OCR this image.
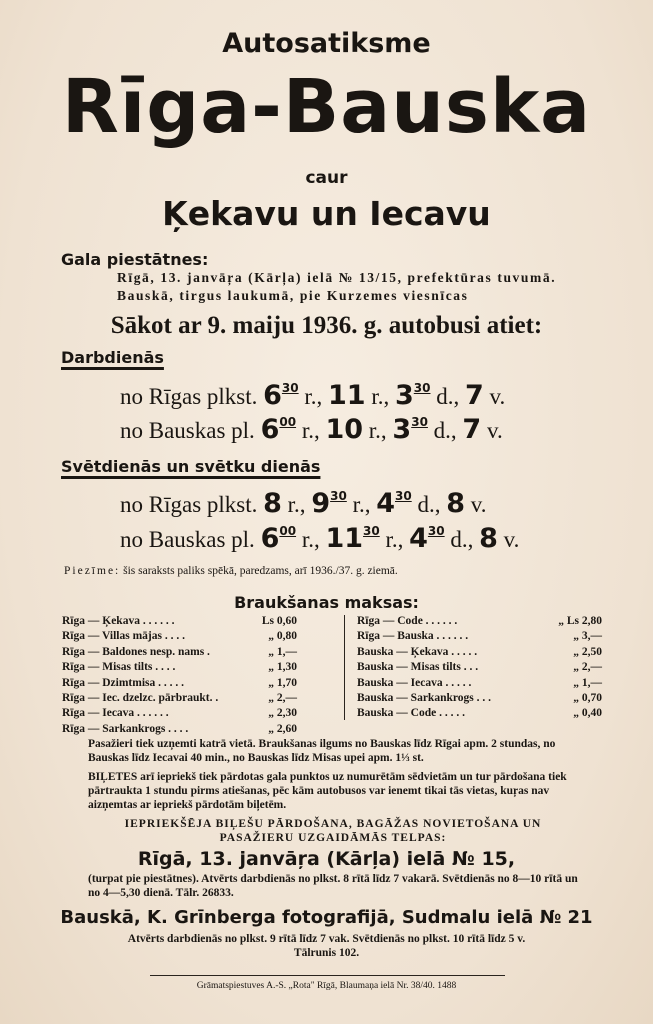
Autosatiksme
Rīga-Bauska
caur
Ķekavu un Iecavu
Gala piestātnes:
Rīgā, 13. janvāŗa (Kārļa) ielā № 13/15, prefektūras tuvumā.
Bauskā, tirgus laukumā, pie Kurzemes viesnīcas
Sākot ar 9. maiju 1936. g. autobusi atiet:
Darbdienās
no Rīgas plkst. $6^{30}$ r., 11 r., $3^{30}$ d., 7 v.
no Bauskas pl. $6^{00}$ r., 10 r., $3^{30}$ d., 7 v.
Svētdienās un svētku dienās
no Rīgas plkst. 8 r., $9^{30}$ r., $4^{30}$ d., 8 v.
no Bauskas pl. $6^{00}$ r., $11^{30}$ r., $4^{30}$ d., 8 v.
Piezīme: šis saraksts paliks spēkā, paredzams, arī 1936./37. g. ziemā.
Braukšanas maksas:
Rīga — Ķekava . . . . . .	Ls 0,60
Rīga — Villas mājas . . . .	„ 0,80
Rīga — Baldones nesp. nams .	„ 1,—
Rīga — Misas tilts . . . .	„ 1,30
Rīga — Dzimtmisa . . . . .	„ 1,70
Rīga — Iec. dzelzc. pārbraukt. .	„ 2,—
Rīga — Iecava . . . . . .	„ 2,30
Rīga — Sarkankrogs . . . .	„ 2,60
Rīga — Code . . . . . .	„ Ls 2,80
Rīga — Bauska . . . . . .	„ 3,—
Bauska — Ķekava . . . . .	„ 2,50
Bauska — Misas tilts . . .	„ 2,—
Bauska — Iecava . . . . .	„ 1,—
Bauska — Sarkankrogs . . .	„ 0,70
Bauska — Code . . . . .	„ 0,40
Pasažieri tiek uzņemti katrā vietā. Braukšanas ilgums no Bauskas līdz Rīgai apm. 2 stundas, no Bauskas līdz Iecavai 40 min., no Bauskas līdz Misas upei apm. 1⅓ st.
BIĻETES arī iepriekš tiek pārdotas gala punktos uz numurētām sēdvietām un tur pārdošana tiek pārtraukta 1 stundu pirms atiešanas, pēc kām autobusos var ienemt tikai tās vietas, kuŗas nav aizņemtas ar iepriekš pārdotām biļetēm.
IEPRIEKŠĒJA BIĻEŠU PĀRDOŠANA, BAGĀŽAS NOVIETOŠANA UN PASAŽIERU UZGAIDĀMĀS TELPAS:
Rīgā, 13. janvāŗa (Kārļa) ielā № 15,
(turpat pie piestātnes). Atvērts darbdienās no plkst. 8 rītā līdz 7 vakarā. Svētdienās no 8—10 rītā un no 4—5,30 dienā. Tālr. 26833.
Bauskā, K. Grīnberga fotografijā, Sudmalu ielā № 21
Atvērts darbdienās no plkst. 9 rītā līdz 7 vak. Svētdienās no plkst. 10 rītā līdz 5 v.
Tālrunis 102.
Grāmatspiestuves A.-S. „Rota" Rīgā, Blaumaņa ielā Nr. 38/40. 1488
